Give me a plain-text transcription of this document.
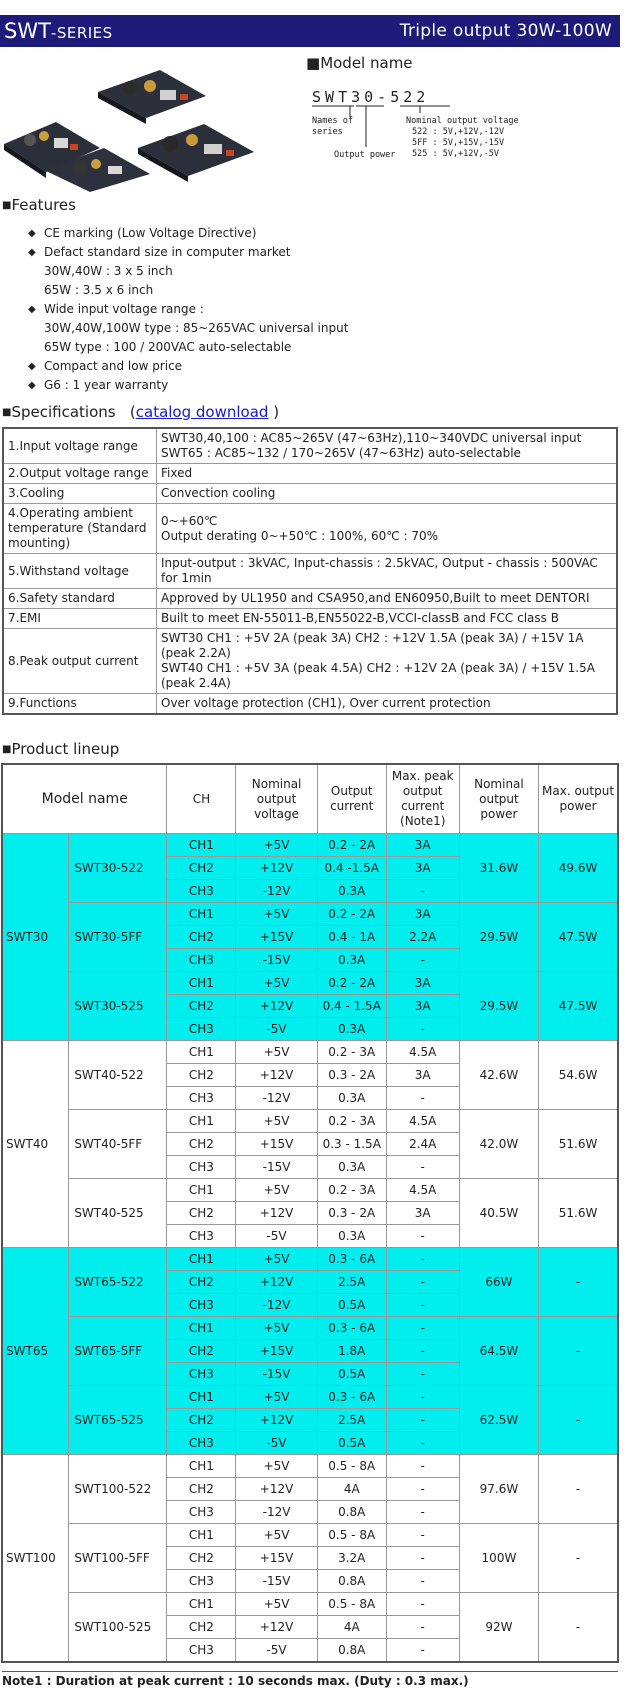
SWT-SERIES	Triple output 30W-100W
■Model name
SWT30-522
Names of
series
Output power
Nominal output voltage
522 : 5V,+12V,-12V
5FF : 5V,+15V,-15V
525 : 5V,+12V,-5V
■Features
◆ CE marking (Low Voltage Directive)
◆ Defact standard size in computer market
30W,40W : 3 x 5 inch
65W : 3.5 x 6 inch
◆ Wide input voltage range :
30W,40W,100W type : 85~265VAC universal input
65W type : 100 / 200VAC auto-selectable
◆ Compact and low price
◆ G6 : 1 year warranty
■Specifications (catalog download )
1.Input voltage range	SWT30,40,100 : AC85~265V (47~63Hz),110~340VDC universal input
SWT65 : AC85~132 / 170~265V (47~63Hz) auto-selectable

2.Output voltage range	Fixed

3.Cooling	Convection cooling

4.Operating ambient temperature (Standard mounting)	0~+60℃
Output derating 0~+50℃ : 100%, 60℃ : 70%

5.Withstand voltage	Input-output : 3kVAC, Input-chassis : 2.5kVAC, Output - chassis : 500VAC for 1min

6.Safety standard	Approved by UL1950 and CSA950,and EN60950,Built to meet DENTORI

7.EMI	Built to meet EN-55011-B,EN55022-B,VCCI-classB and FCC class B

8.Peak output current	SWT30 CH1 : +5V 2A (peak 3A) CH2 : +12V 1.5A (peak 3A) / +15V 1A (peak 2.2A)
SWT40 CH1 : +5V 3A (peak 4.5A) CH2 : +12V 2A (peak 3A) / +15V 1.5A (peak 2.4A)

9.Functions	Over voltage protection (CH1), Over current protection
■Product lineup
Model name		CH	Nominal output voltage	Output current	Max. peak output current (Note1)	Nominal output power	Max. output power
SWT30	SWT30-522	CH1	+5V	0.2 - 2A	3A	31.6W	49.6W
		CH2	+12V	0.4 -1.5A	3A		
		CH3	-12V	0.3A	-		
	SWT30-5FF	CH1	+5V	0.2 - 2A	3A	29.5W	47.5W
		CH2	+15V	0.4 - 1A	2.2A		
		CH3	-15V	0.3A	-		
	SWT30-525	CH1	+5V	0.2 - 2A	3A	29.5W	47.5W
		CH2	+12V	0.4 - 1.5A	3A		
		CH3	-5V	0.3A	-		
SWT40	SWT40-522	CH1	+5V	0.2 - 3A	4.5A	42.6W	54.6W
		CH2	+12V	0.3 - 2A	3A		
		CH3	-12V	0.3A	-		
	SWT40-5FF	CH1	+5V	0.2 - 3A	4.5A	42.0W	51.6W
		CH2	+15V	0.3 - 1.5A	2.4A		
		CH3	-15V	0.3A	-		
	SWT40-525	CH1	+5V	0.2 - 3A	4.5A	40.5W	51.6W
		CH2	+12V	0.3 - 2A	3A		
		CH3	-5V	0.3A	-		
SWT65	SWT65-522	CH1	+5V	0.3 - 6A	-	66W	-
		CH2	+12V	2.5A	-		
		CH3	-12V	0.5A	-		
	SWT65-5FF	CH1	+5V	0.3 - 6A	-	64.5W	-
		CH2	+15V	1.8A	-		
		CH3	-15V	0.5A	-		
	SWT65-525	CH1	+5V	0.3 - 6A	-	62.5W	-
		CH2	+12V	2.5A	-		
		CH3	-5V	0.5A	-		
SWT100	SWT100-522	CH1	+5V	0.5 - 8A	-	97.6W	-
		CH2	+12V	4A	-		
		CH3	-12V	0.8A	-		
	SWT100-5FF	CH1	+5V	0.5 - 8A	-	100W	-
		CH2	+15V	3.2A	-		
		CH3	-15V	0.8A	-		
	SWT100-525	CH1	+5V	0.5 - 8A	-	92W	-
		CH2	+12V	4A	-		
		CH3	-5V	0.8A	-		
Note1 : Duration at peak current : 10 seconds max. (Duty : 0.3 max.)
